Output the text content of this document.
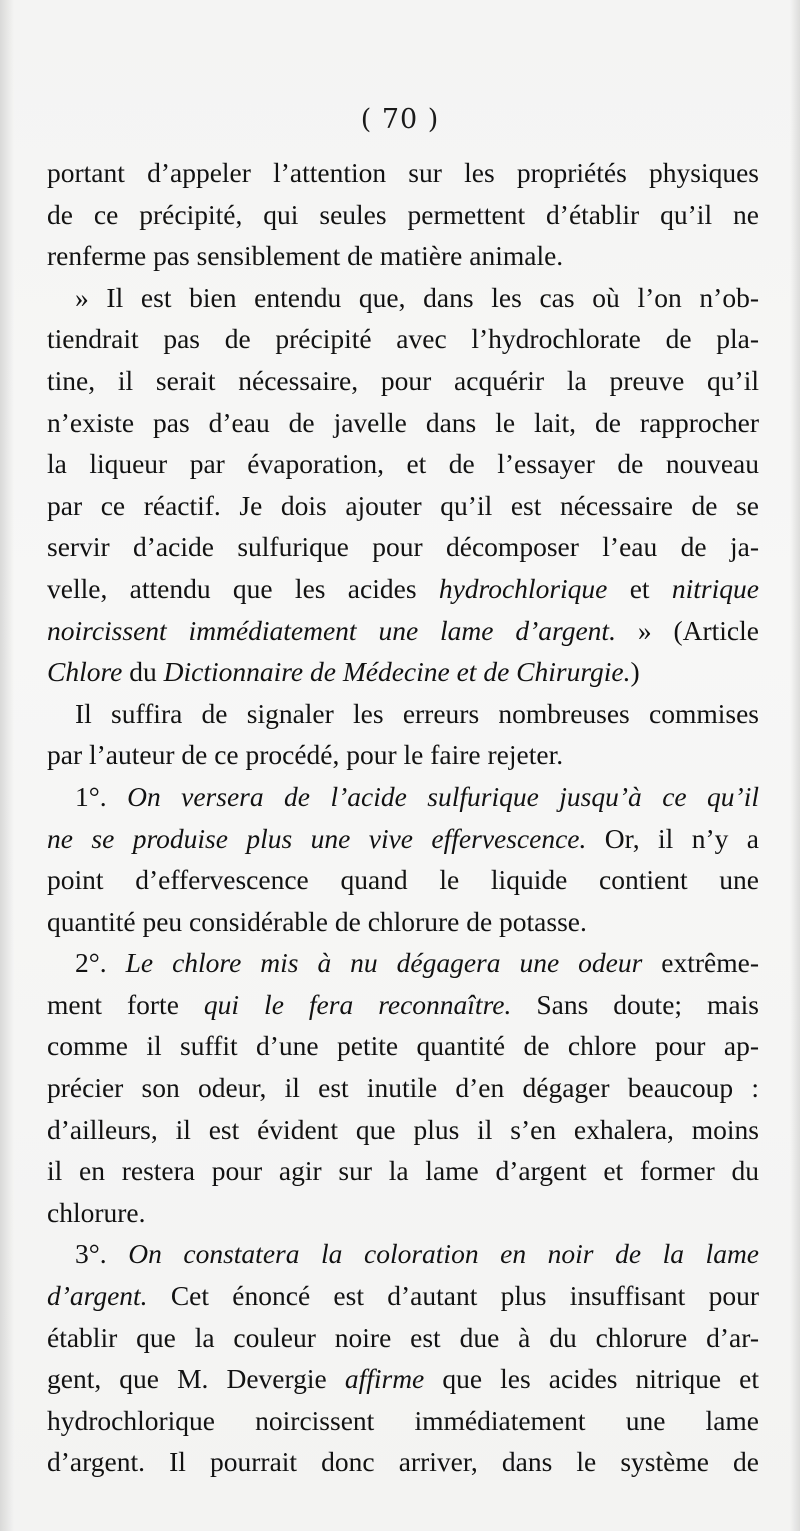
( 70 )
portant d’appeler l’attention sur les propriétés physiques
de ce précipité, qui seules permettent d’établir qu’il ne
renferme pas sensiblement de matière animale.
» Il est bien entendu que, dans les cas où l’on n’ob-
tiendrait pas de précipité avec l’hydrochlorate de pla-
tine, il serait nécessaire, pour acquérir la preuve qu’il
n’existe pas d’eau de javelle dans le lait, de rapprocher
la liqueur par évaporation, et de l’essayer de nouveau
par ce réactif. Je dois ajouter qu’il est nécessaire de se
servir d’acide sulfurique pour décomposer l’eau de ja-
velle, attendu que les acides hydrochlorique et nitrique
noircissent immédiatement une lame d’argent. » (Article
Chlore du Dictionnaire de Médecine et de Chirurgie.)
Il suffira de signaler les erreurs nombreuses commises
par l’auteur de ce procédé, pour le faire rejeter.
1°. On versera de l’acide sulfurique jusqu’à ce qu’il
ne se produise plus une vive effervescence. Or, il n’y a
point d’effervescence quand le liquide contient une
quantité peu considérable de chlorure de potasse.
2°. Le chlore mis à nu dégagera une odeur extrême-
ment forte qui le fera reconnaître. Sans doute; mais
comme il suffit d’une petite quantité de chlore pour ap-
précier son odeur, il est inutile d’en dégager beaucoup :
d’ailleurs, il est évident que plus il s’en exhalera, moins
il en restera pour agir sur la lame d’argent et former du
chlorure.
3°. On constatera la coloration en noir de la lame
d’argent. Cet énoncé est d’autant plus insuffisant pour
établir que la couleur noire est due à du chlorure d’ar-
gent, que M. Devergie affirme que les acides nitrique et
hydrochlorique noircissent immédiatement une lame
d’argent. Il pourrait donc arriver, dans le système de
